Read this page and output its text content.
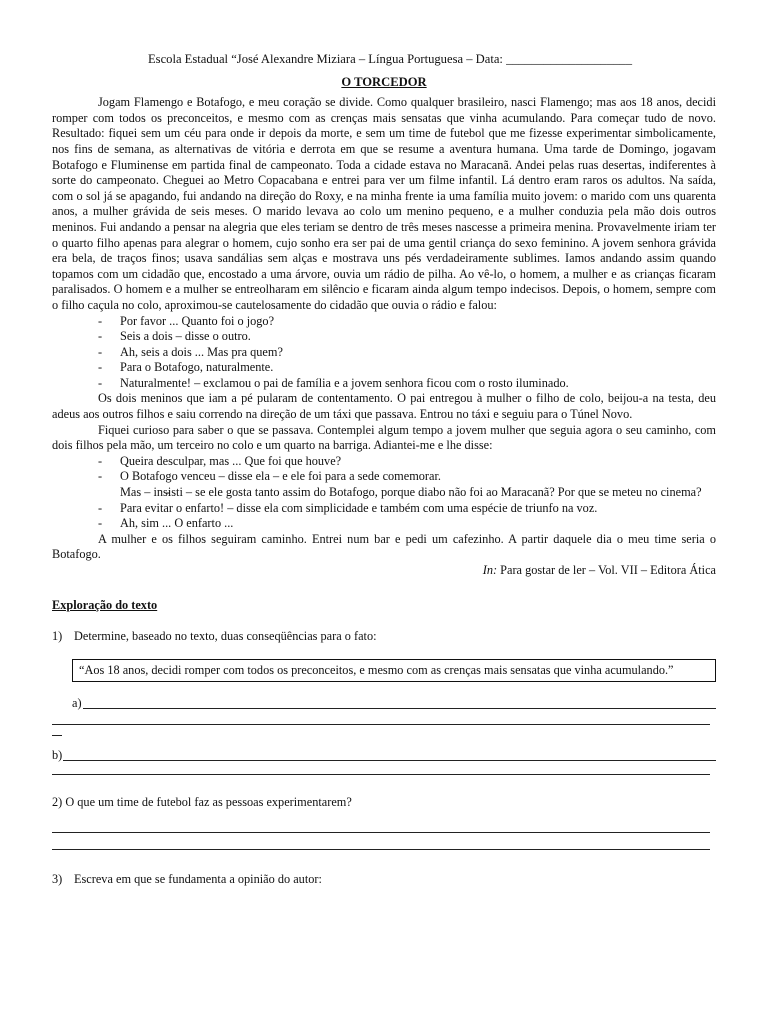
Escola Estadual “José Alexandre Miziara – Língua Portuguesa – Data: ____________________
O TORCEDOR

Jogam Flamengo e Botafogo, e meu coração se divide. Como qualquer brasileiro, nasci Flamengo; mas aos 18 anos, decidi romper com todos os preconceitos, e mesmo com as crenças mais sensatas que vinha acumulando. Para começar tudo de novo. Resultado: fiquei sem um céu para onde ir depois da morte, e sem um time de futebol que me fizesse experimentar simbolicamente, nos fins de semana, as alternativas de vitória e derrota em que se resume a aventura humana. Uma tarde de Domingo, jogavam Botafogo e Fluminense em partida final de campeonato. Toda a cidade estava no Maracanã. Andei pelas ruas desertas, indiferentes à sorte do campeonato. Cheguei ao Metro Copacabana e entrei para ver um filme infantil. Lá dentro eram raros os adultos. Na saída, com o sol já se apagando, fui andando na direção do Roxy, e na minha frente ia uma família muito jovem: o marido com uns quarenta anos, a mulher grávida de seis meses. O marido levava ao colo um menino pequeno, e a mulher conduzia pela mão dois outros meninos. Fui andando a pensar na alegria que eles teriam se dentro de três meses nascesse a primeira menina. Provavelmente iriam ter o quarto filho apenas para alegrar o homem, cujo sonho era ser pai de uma gentil criança do sexo feminino. A jovem senhora grávida era bela, de traços finos; usava sandálias sem alças e mostrava uns pés verdadeiramente sublimes. Iamos andando assim quando topamos com um cidadão que, encostado a uma árvore, ouvia um rádio de pilha. Ao vê-lo, o homem, a mulher e as crianças ficaram paralisados. O homem e a mulher se entreolharam em silêncio e ficaram ainda algum tempo indecisos. Depois, o homem, sempre com o filho caçula no colo, aproximou-se cautelosamente do cidadão que ouvia o rádio e falou:

- Por favor ... Quanto foi o jogo?
- Seis a dois – disse o outro.
- Ah, seis a dois ... Mas pra quem?
- Para o Botafogo, naturalmente.
- Naturalmente! – exclamou o pai de família e a jovem senhora ficou com o rosto iluminado.

Os dois meninos que iam a pé pularam de contentamento. O pai entregou à mulher o filho de colo, beijou-a na testa, deu adeus aos outros filhos e saiu correndo na direção de um táxi que passava. Entrou no táxi e seguiu para o Túnel Novo.

Fiquei curioso para saber o que se passava. Contemplei algum tempo a jovem mulher que seguia agora o seu caminho, com dois filhos pela mão, um terceiro no colo e um quarto na barriga. Adiantei-me e lhe disse:

- Queira desculpar, mas ... Que foi que houve?
- O Botafogo venceu – disse ela – e ele foi para a sede comemorar.
- Mas – insisti – se ele gosta tanto assim do Botafogo, porque diabo não foi ao Maracanã? Por que se meteu no cinema?
- Para evitar o enfarto! – disse ela com simplicidade e também com uma espécie de triunfo na voz.
- Ah, sim ... O enfarto ...

A mulher e os filhos seguiram caminho. Entrei num bar e pedi um cafezinho. A partir daquele dia o meu time seria o Botafogo.

In: Para gostar de ler – Vol. VII – Editora Ática
Exploração do texto
1) Determine, baseado no texto, duas conseqüências para o fato:
“Aos 18 anos, decidi romper com todos os preconceitos, e mesmo com as crenças mais sensatas que vinha acumulando.”
a)
b)
2) O que um time de futebol faz as pessoas experimentarem?
3) Escreva em que se fundamenta a opinião do autor:
